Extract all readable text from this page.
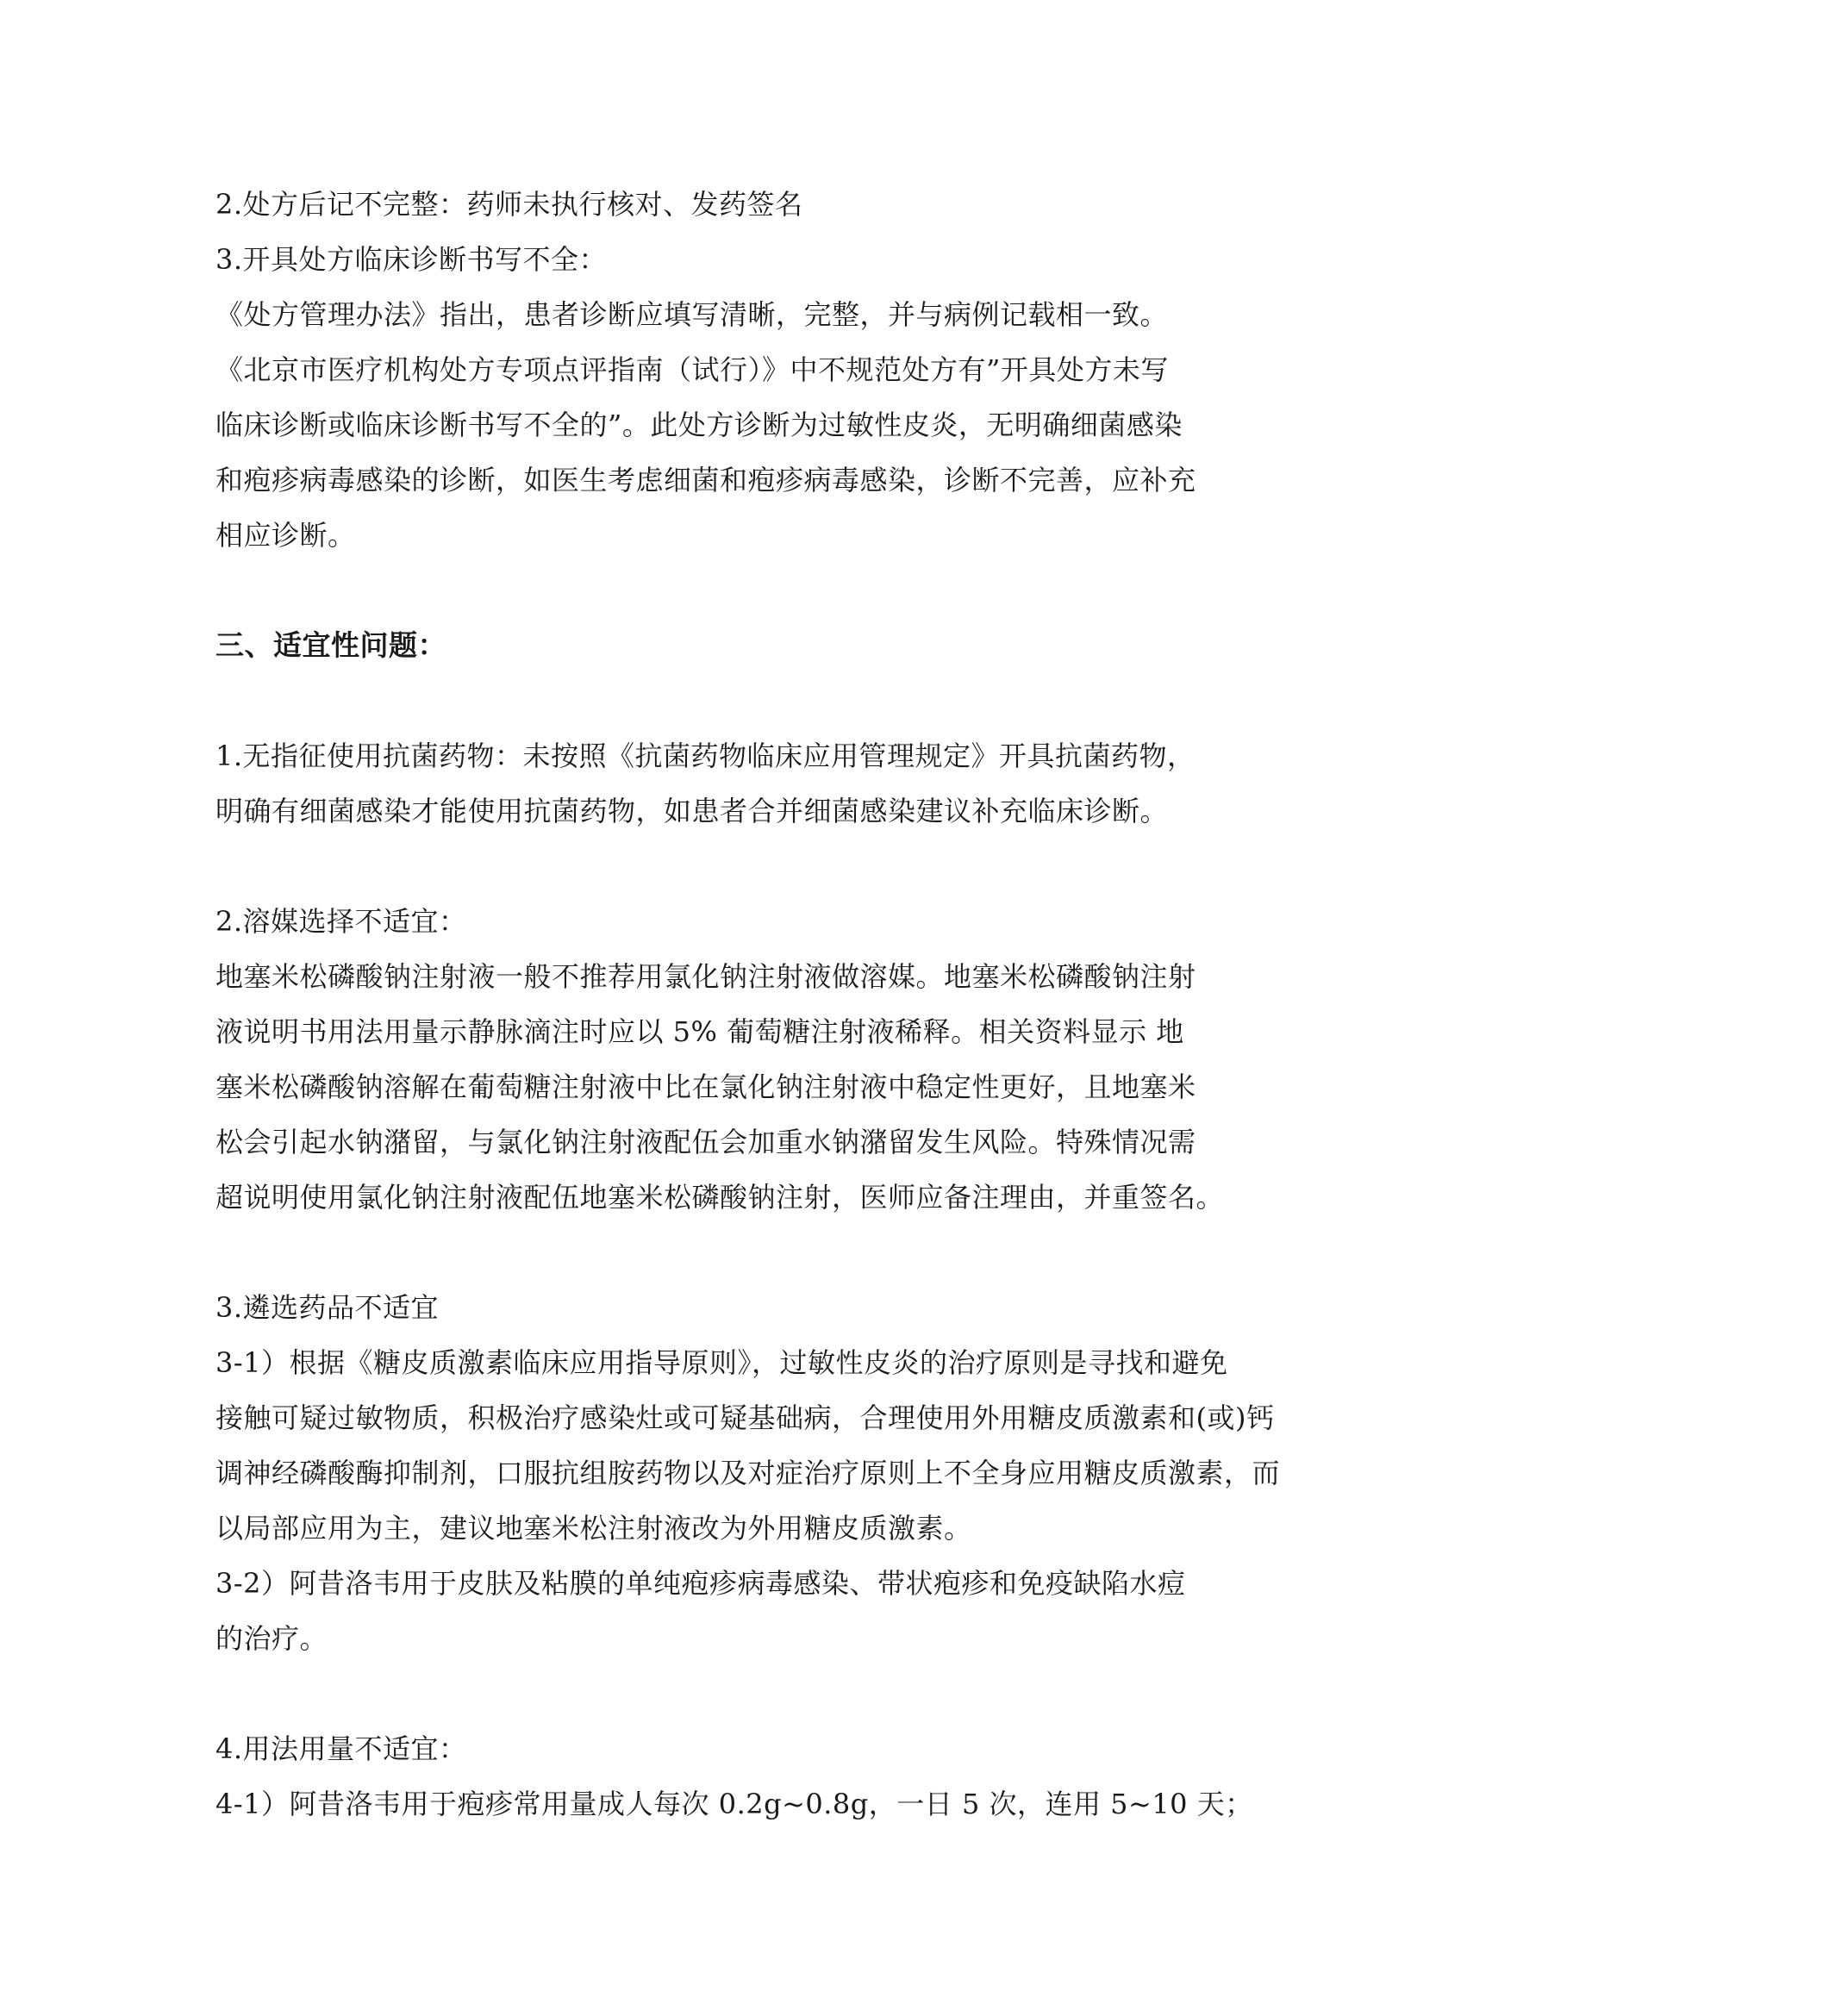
2.处方后记不完整：药师未执行核对、发药签名
3.开具处方临床诊断书写不全：
《处方管理办法》指出，患者诊断应填写清晰，完整，并与病例记载相一致。
《北京市医疗机构处方专项点评指南（试行）》中不规范处方有”开具处方未写
临床诊断或临床诊断书写不全的”。此处方诊断为过敏性皮炎，无明确细菌感染
和疱疹病毒感染的诊断，如医生考虑细菌和疱疹病毒感染，诊断不完善，应补充
相应诊断。
三、适宜性问题：
1.无指征使用抗菌药物：未按照《抗菌药物临床应用管理规定》开具抗菌药物，
明确有细菌感染才能使用抗菌药物，如患者合并细菌感染建议补充临床诊断。
2.溶媒选择不适宜：
地塞米松磷酸钠注射液一般不推荐用氯化钠注射液做溶媒。地塞米松磷酸钠注射
液说明书用法用量示静脉滴注时应以 5% 葡萄糖注射液稀释。相关资料显示 地
塞米松磷酸钠溶解在葡萄糖注射液中比在氯化钠注射液中稳定性更好，且地塞米
松会引起水钠潴留，与氯化钠注射液配伍会加重水钠潴留发生风险。特殊情况需
超说明使用氯化钠注射液配伍地塞米松磷酸钠注射，医师应备注理由，并重签名。
3.遴选药品不适宜
3-1）根据《糖皮质激素临床应用指导原则》，过敏性皮炎的治疗原则是寻找和避免
接触可疑过敏物质，积极治疗感染灶或可疑基础病，合理使用外用糖皮质激素和(或)钙
调神经磷酸酶抑制剂，口服抗组胺药物以及对症治疗原则上不全身应用糖皮质激素，而
以局部应用为主，建议地塞米松注射液改为外用糖皮质激素。
3-2）阿昔洛韦用于皮肤及粘膜的单纯疱疹病毒感染、带状疱疹和免疫缺陷水痘
的治疗。
4.用法用量不适宜：
4-1）阿昔洛韦用于疱疹常用量成人每次 0.2g~0.8g，一日 5 次，连用 5~10 天；
